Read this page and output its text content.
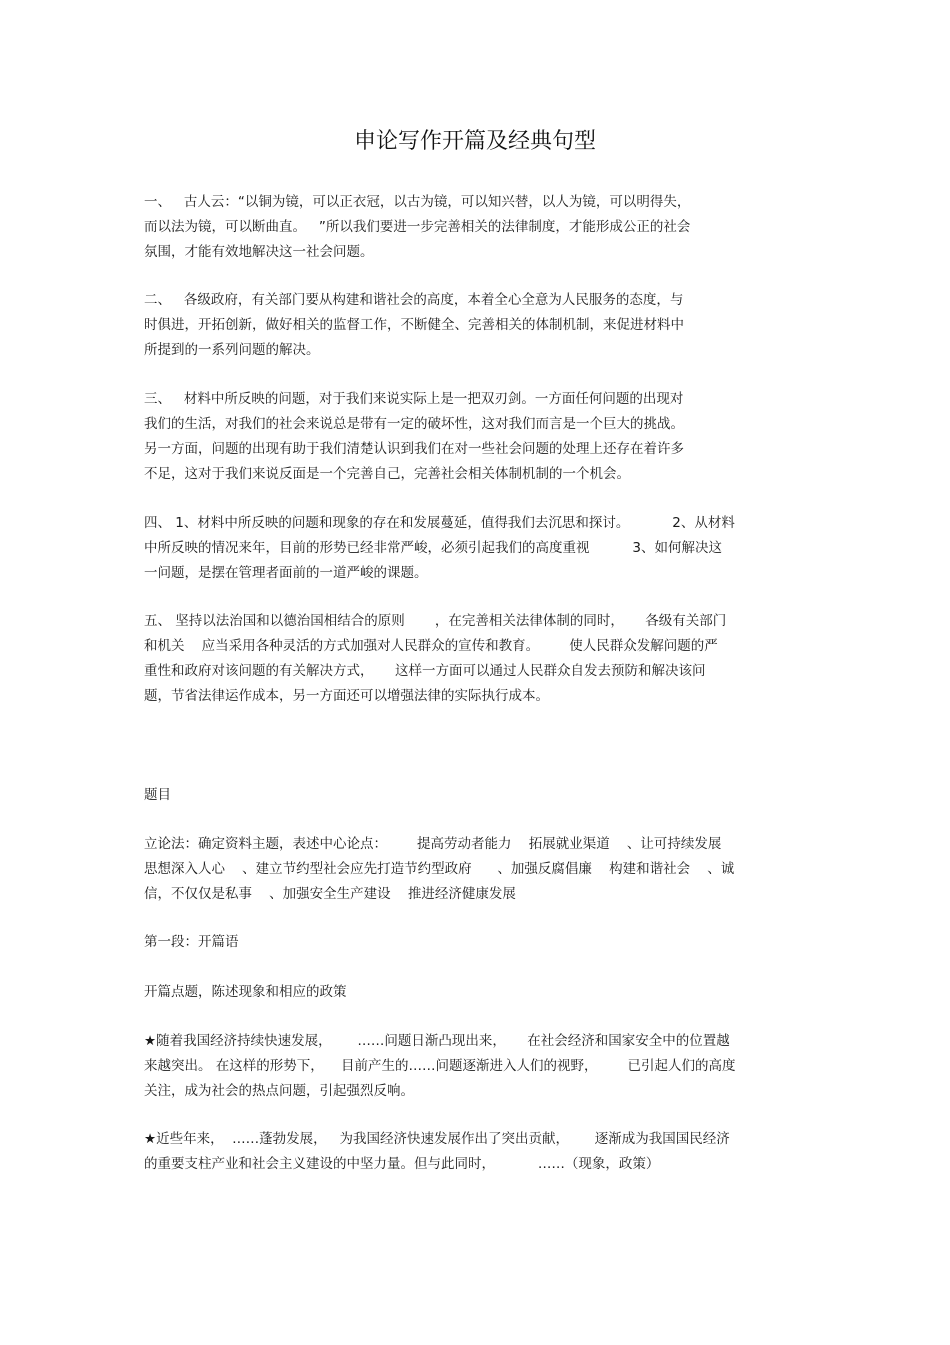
申论写作开篇及经典句型
一、   古人云：“以铜为镜，可以正衣冠，以古为镜，可以知兴替，以人为镜，可以明得失，
而以法为镜，可以断曲直。   ”所以我们要进一步完善相关的法律制度，才能形成公正的社会
氛围，才能有效地解决这一社会问题。
二、   各级政府，有关部门要从构建和谐社会的高度，本着全心全意为人民服务的态度，与
时俱进，开拓创新，做好相关的监督工作，不断健全、完善相关的体制机制，来促进材料中
所提到的一系列问题的解决。
三、   材料中所反映的问题，对于我们来说实际上是一把双刃剑。一方面任何问题的出现对
我们的生活，对我们的社会来说总是带有一定的破坏性，这对我们而言是一个巨大的挑战。
另一方面，问题的出现有助于我们清楚认识到我们在对一些社会问题的处理上还存在着许多
不足，这对于我们来说反面是一个完善自己，完善社会相关体制机制的一个机会。
四、 1、材料中所反映的问题和现象的存在和发展蔓延，值得我们去沉思和探讨。          2、从材料
中所反映的情况来年，目前的形势已经非常严峻，必须引起我们的高度重视          3、如何解决这
一问题，是摆在管理者面前的一道严峻的课题。
五、 坚持以法治国和以德治国相结合的原则       ，在完善相关法律体制的同时，     各级有关部门
和机关    应当采用各种灵活的方式加强对人民群众的宣传和教育。       使人民群众发解问题的严
重性和政府对该问题的有关解决方式，     这样一方面可以通过人民群众自发去预防和解决该问
题，节省法律运作成本，另一方面还可以增强法律的实际执行成本。
题目
立论法：确定资料主题，表述中心论点：       提高劳动者能力    拓展就业渠道    、让可持续发展
思想深入人心    、建立节约型社会应先打造节约型政府      、加强反腐倡廉    构建和谐社会    、诚
信，不仅仅是私事    、加强安全生产建设    推进经济健康发展
第一段：开篇语
开篇点题，陈述现象和相应的政策
★随着我国经济持续快速发展，      ……问题日渐凸现出来，     在社会经济和国家安全中的位置越
来越突出。 在这样的形势下，    目前产生的……问题逐渐进入人们的视野，       已引起人们的高度
关注，成为社会的热点问题，引起强烈反响。
★近些年来，  ……蓬勃发展，   为我国经济快速发展作出了突出贡献，      逐渐成为我国国民经济
的重要支柱产业和社会主义建设的中坚力量。但与此同时，          ……（现象，政策）
